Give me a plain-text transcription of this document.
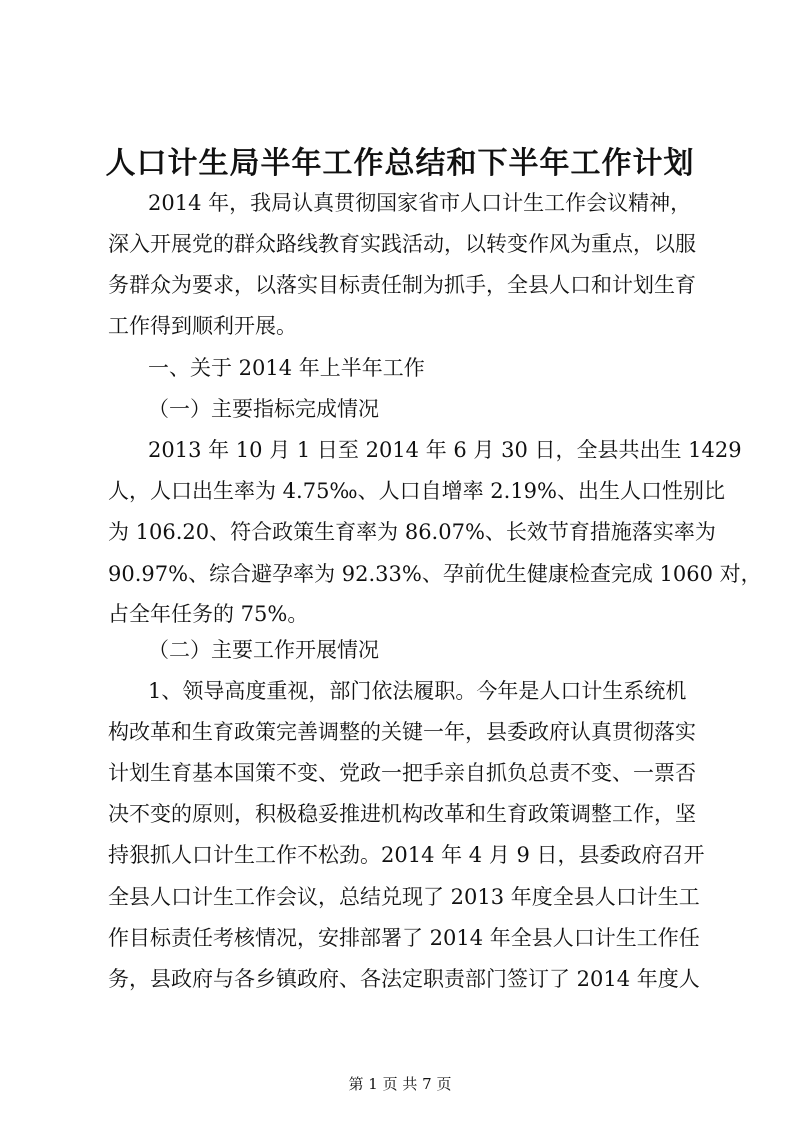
人口计生局半年工作总结和下半年工作计划
2014 年，我局认真贯彻国家省市人口计生工作会议精神，
深入开展党的群众路线教育实践活动，以转变作风为重点，以服
务群众为要求，以落实目标责任制为抓手，全县人口和计划生育
工作得到顺利开展。
一、关于 2014 年上半年工作
（一）主要指标完成情况
2013 年 10 月 1 日至 2014 年 6 月 30 日，全县共出生 1429
人，人口出生率为 4.75‰、人口自增率 2.19%、出生人口性别比
为 106.20、符合政策生育率为 86.07%、长效节育措施落实率为
90.97%、综合避孕率为 92.33%、孕前优生健康检查完成 1060 对，
占全年任务的 75%。
（二）主要工作开展情况
1、领导高度重视，部门依法履职。今年是人口计生系统机
构改革和生育政策完善调整的关键一年，县委政府认真贯彻落实
计划生育基本国策不变、党政一把手亲自抓负总责不变、一票否
决不变的原则，积极稳妥推进机构改革和生育政策调整工作，坚
持狠抓人口计生工作不松劲。2014 年 4 月 9 日，县委政府召开
全县人口计生工作会议，总结兑现了 2013 年度全县人口计生工
作目标责任考核情况，安排部署了 2014 年全县人口计生工作任
务，县政府与各乡镇政府、各法定职责部门签订了 2014 年度人
第 1 页 共 7 页
